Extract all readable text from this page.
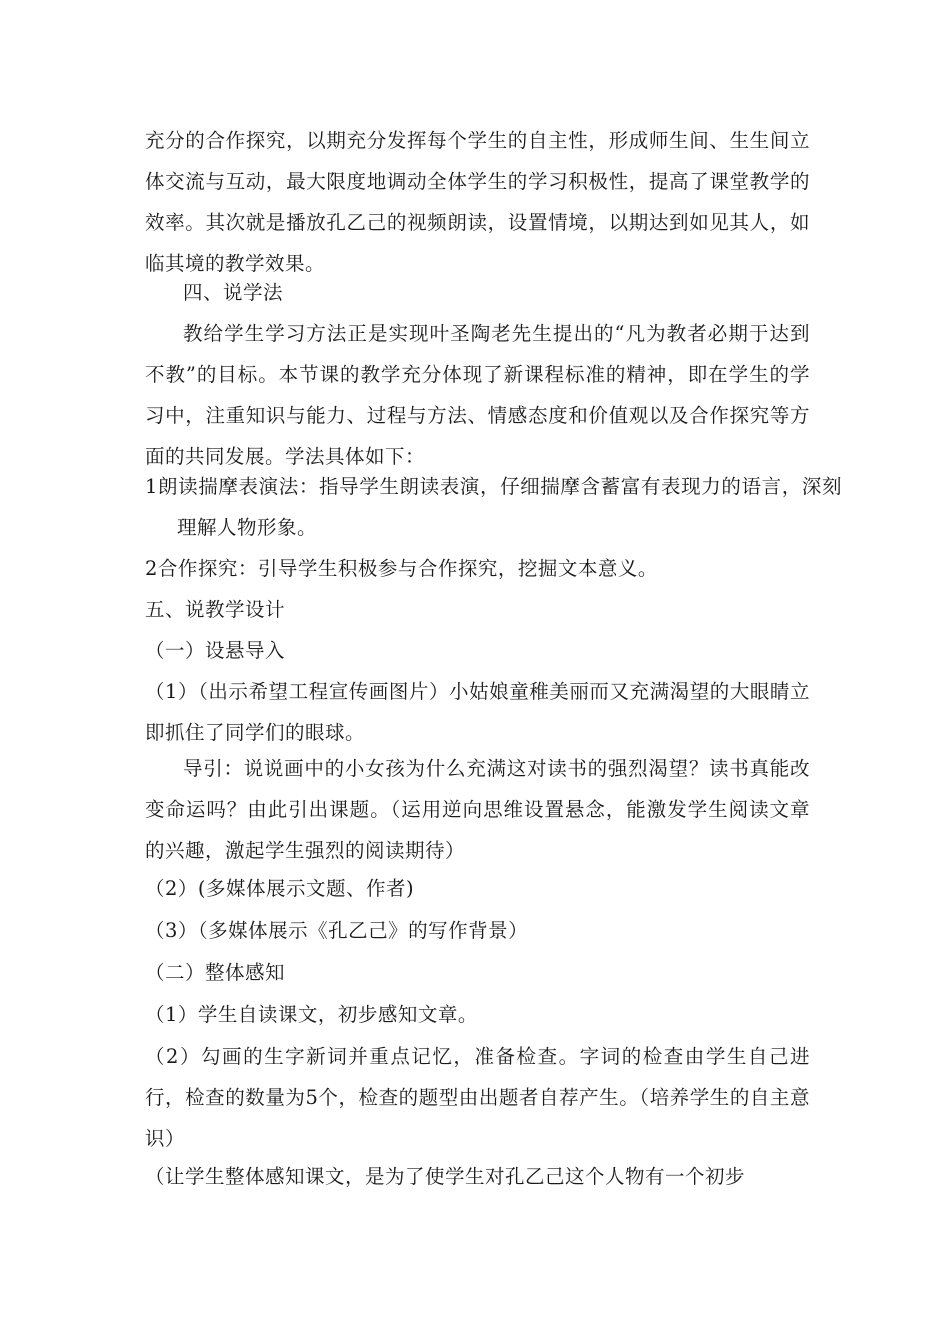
充分的合作探究，以期充分发挥每个学生的自主性，形成师生间、生生间立体交流与互动，最大限度地调动全体学生的学习积极性，提高了课堂教学的效率。其次就是播放孔乙己的视频朗读，设置情境，以期达到如见其人，如临其境的教学效果。

四、说学法

教给学生学习方法正是实现叶圣陶老先生提出的“凡为教者必期于达到不教”的目标。本节课的教学充分体现了新课程标准的精神，即在学生的学习中，注重知识与能力、过程与方法、情感态度和价值观以及合作探究等方面的共同发展。学法具体如下：

1朗读揣摩表演法：指导学生朗读表演，仔细揣摩含蓄富有表现力的语言，深刻理解人物形象。

2合作探究：引导学生积极参与合作探究，挖掘文本意义。

五、说教学设计

（一）设悬导入

（1）（出示希望工程宣传画图片）小姑娘童稚美丽而又充满渴望的大眼睛立即抓住了同学们的眼球。

导引：说说画中的小女孩为什么充满这对读书的强烈渴望？读书真能改变命运吗？由此引出课题。（运用逆向思维设置悬念，能激发学生阅读文章的兴趣，激起学生强烈的阅读期待）

（2）(多媒体展示文题、作者)

（3）（多媒体展示《孔乙己》的写作背景）

（二）整体感知

（1）学生自读课文，初步感知文章。

（2）勾画的生字新词并重点记忆，准备检查。字词的检查由学生自己进行，检查的数量为5个，检查的题型由出题者自荐产生。（培养学生的自主意识）

（让学生整体感知课文，是为了使学生对孔乙己这个人物有一个初步
